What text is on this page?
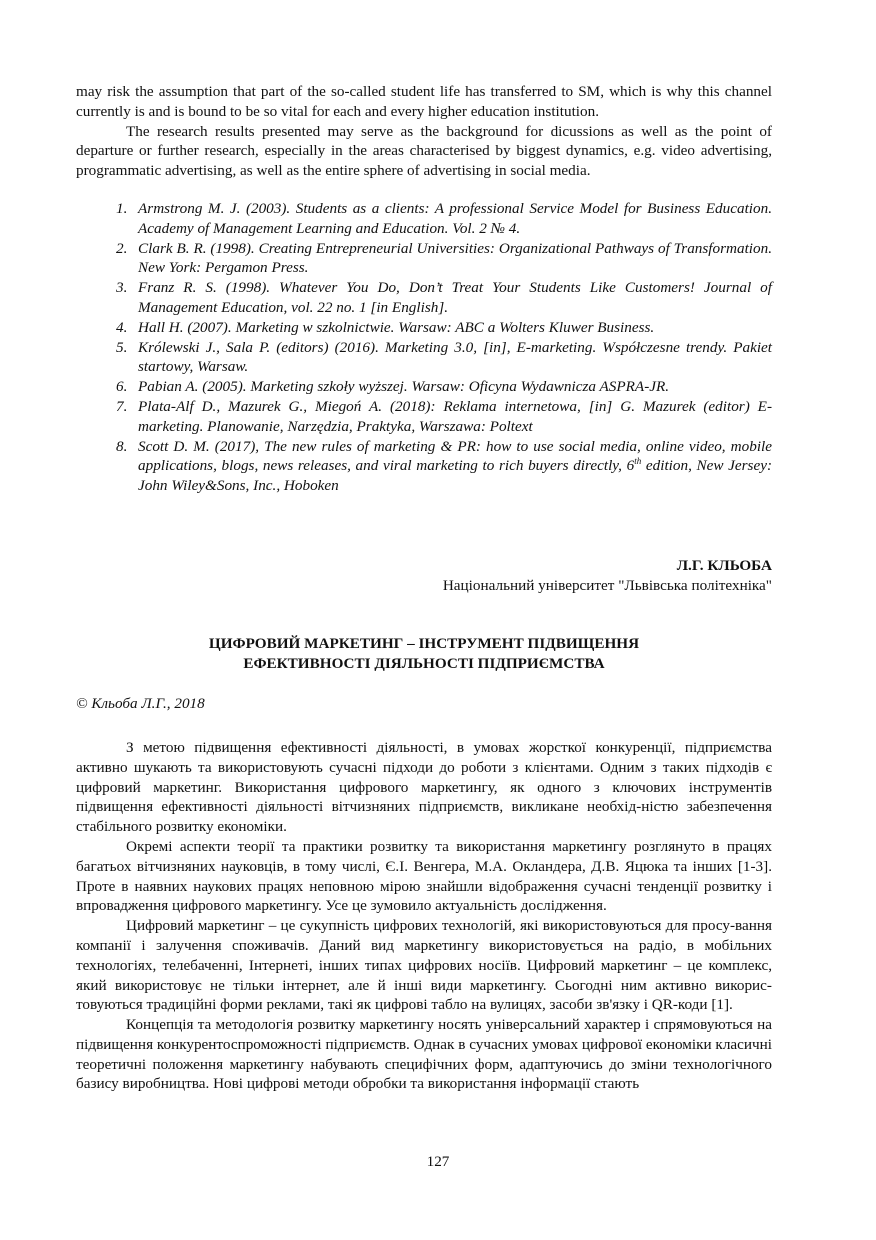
may risk the assumption that part of the so-called student life has transferred to SM, which is why this channel currently is and is bound to be so vital for each and every higher education institution.

The research results presented may serve as the background for dicussions as well as the point of departure or further research, especially in the areas characterised by biggest dynamics, e.g. video advertising, programmatic advertising, as well as the entire sphere of advertising in social media.

1. Armstrong M. J. (2003). Students as a clients: A professional Service Model for Business Education. Academy of Management Learning and Education. Vol. 2 № 4.
2. Clark B. R. (1998). Creating Entrepreneurial Universities: Organizational Pathways of Transformation. New York: Pergamon Press.
3. Franz R. S. (1998). Whatever You Do, Don’t Treat Your Students Like Customers! Journal of Management Education, vol. 22 no. 1 [in English].
4. Hall H. (2007). Marketing w szkolnictwie. Warsaw: ABC a Wolters Kluwer Business.
5. Królewski J., Sala P. (editors) (2016). Marketing 3.0, [in], E-marketing. Współczesne trendy. Pakiet startowy, Warsaw.
6. Pabian A. (2005). Marketing szkoły wyższej. Warsaw: Oficyna Wydawnicza ASPRA-JR.
7. Plata-Alf D., Mazurek G., Miegoń A. (2018): Reklama internetowa, [in] G. Mazurek (editor) E-marketing. Planowanie, Narzędzia, Praktyka, Warszawa: Poltext
8. Scott D. M. (2017), The new rules of marketing & PR: how to use social media, online video, mobile applications, blogs, news releases, and viral marketing to rich buyers directly, 6th edition, New Jersey: John Wiley&Sons, Inc., Hoboken
Л.Г. КЛЬОБА
Національний університет "Львівська політехніка"
ЦИФРОВИЙ МАРКЕТИНГ – ІНСТРУМЕНТ ПІДВИЩЕННЯ
ЕФЕКТИВНОСТІ ДІЯЛЬНОСТІ ПІДПРИЄМСТВА
© Кльоба Л.Г., 2018

З метою підвищення ефективності діяльності, в умовах жорсткої конкуренції, підприємства активно шукають та використовують сучасні підходи до роботи з клієнтами. Одним з таких підходів є цифровий маркетинг. Використання цифрового маркетингу, як одного з ключових інструментів підвищення ефективності діяльності вітчизняних підприємств, викликане необхід-ністю забезпечення стабільного розвитку економіки.

Окремі аспекти теорії та практики розвитку та використання маркетингу розглянуто в працях багатьох вітчизняних науковців, в тому числі, Є.І. Венгера, М.А. Окландера, Д.В. Яцюка та інших [1-3]. Проте в наявних наукових працях неповною мірою знайшли відображення сучасні тенденції розвитку і впровадження цифрового маркетингу. Усе це зумовило актуальність дослідження.

Цифровий маркетинг – це сукупність цифрових технологій, які використовуються для просу-вання компанії і залучення споживачів. Даний вид маркетингу використовується на радіо, в мобільних технологіях, телебаченні, Інтернеті, інших типах цифрових носіїв. Цифровий маркетинг – це комплекс, який використовує не тільки інтернет, але й інші види маркетингу. Сьогодні ним активно викорис-товуються традиційні форми реклами, такі як цифрові табло на вулицях, засоби зв'язку і QR-коди [1].

Концепція та методологія розвитку маркетингу носять універсальний характер і спрямовуються на підвищення конкурентоспроможності підприємств. Однак в сучасних умовах цифрової економіки класичні теоретичні положення маркетингу набувають специфічних форм, адаптуючись до зміни технологічного базису виробництва. Нові цифрові методи обробки та використання інформації стають

127
